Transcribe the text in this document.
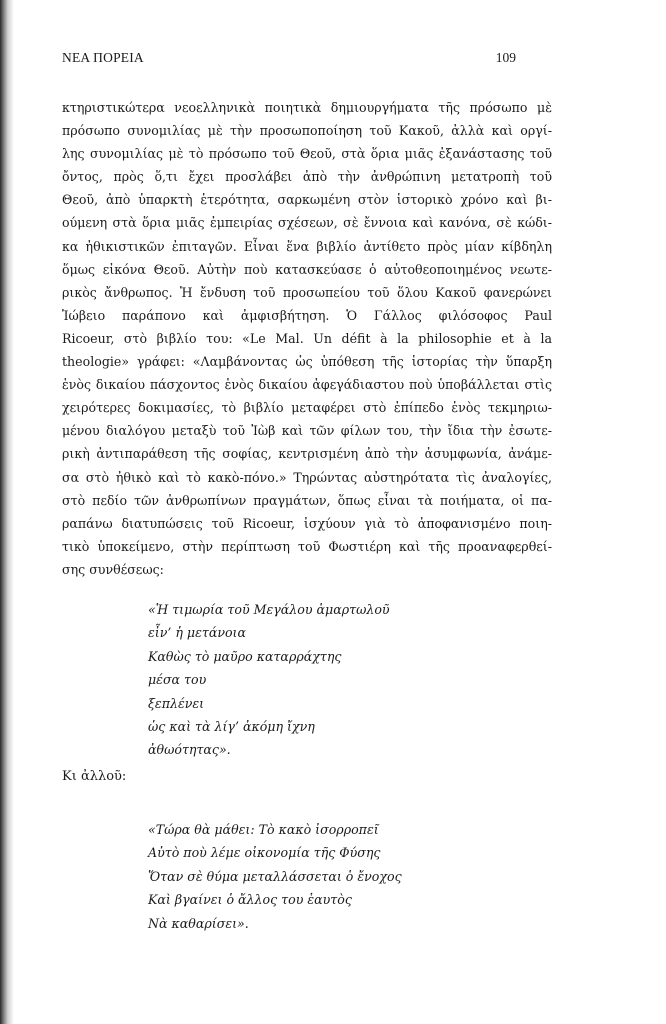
ΝΕΑ ΠΟΡΕΙΑ	109
κτηριστικώτερα νεοελληνικὰ ποιητικὰ δημιουργήματα τῆς πρόσωπο μὲ
πρόσωπο συνομιλίας μὲ τὴν προσωποποίηση τοῦ Κακοῦ, ἀλλὰ καὶ οργί-
λης συνομιλίας μὲ τὸ πρόσωπο τοῦ Θεοῦ, στὰ ὅρια μιᾶς ἐξανάστασης τοῦ
ὄντος, πρὸς ὅ,τι ἔχει προσλάβει ἀπὸ τὴν ἀνθρώπινη μετατροπὴ τοῦ
Θεοῦ, ἀπὸ ὑπαρκτὴ ἑτερότητα, σαρκωμένη στὸν ἱστορικὸ χρόνο καὶ βι-
ούμενη στὰ ὅρια μιᾶς ἐμπειρίας σχέσεων, σὲ ἔννοια καὶ κανόνα, σὲ κώδι-
κα ἠθικιστικῶν ἐπιταγῶν. Εἶναι ἕνα βιβλίο ἀντίθετο πρὸς μίαν κίβδηλη
ὅμως εἰκόνα Θεοῦ. Αὐτὴν ποὺ κατασκεύασε ὁ αὐτοθεοποιημένος νεωτε-
ρικὸς ἄνθρωπος. Ἡ ἔνδυση τοῦ προσωπείου τοῦ ὅλου Κακοῦ φανερώνει
Ἰώβειο παράπονο καὶ ἀμφισβήτηση. Ὁ Γάλλος φιλόσοφος Paul
Ricoeur, στὸ βιβλίο του: «Le Mal. Un défit à la philosophie et à la
theologie» γράφει: «Λαμβάνοντας ὡς ὑπόθεση τῆς ἱστορίας τὴν ὕπαρξη
ἑνὸς δικαίου πάσχοντος ἑνὸς δικαίου ἀφεγάδιαστου ποὺ ὑποβάλλεται στὶς
χειρότερες δοκιμασίες, τὸ βιβλίο μεταφέρει στὸ ἐπίπεδο ἑνὸς τεκμηριω-
μένου διαλόγου μεταξὺ τοῦ Ἰὼβ καὶ τῶν φίλων του, τὴν ἴδια τὴν ἐσωτε-
ρικὴ ἀντιπαράθεση τῆς σοφίας, κεντρισμένη ἀπὸ τὴν ἀσυμφωνία, ἀνάμε-
σα στὸ ἠθικὸ καὶ τὸ κακὸ-πόνο.» Τηρώντας αὐστηρότατα τὶς ἀναλογίες,
στὸ πεδίο τῶν ἀνθρωπίνων πραγμάτων, ὅπως εἶναι τὰ ποιήματα, οἱ πα-
ραπάνω διατυπώσεις τοῦ Ricoeur, ἰσχύουν γιὰ τὸ ἀποφανισμένο ποιη-
τικὸ ὑποκείμενο, στὴν περίπτωση τοῦ Φωστιέρη καὶ τῆς προαναφερθεί-
σης συνθέσεως:
«Ἡ τιμωρία τοῦ Μεγάλου ἁμαρτωλοῦ
εἶν’ ἡ μετάνοια
Καθὼς τὸ μαῦρο καταρράχτης
μέσα του
ξεπλένει
ὡς καὶ τὰ λίγ’ ἀκόμη ἴχνη
ἀθωότητας».
Κι ἀλλοῦ:
«Τώρα θὰ μάθει: Τὸ κακὸ ἰσορροπεῖ
Αὐτὸ ποὺ λέμε οἰκονομία τῆς Φύσης
Ὅταν σὲ θύμα μεταλλάσσεται ὁ ἔνοχος
Καὶ βγαίνει ὁ ἄλλος του ἑαυτὸς
Νὰ καθαρίσει».
